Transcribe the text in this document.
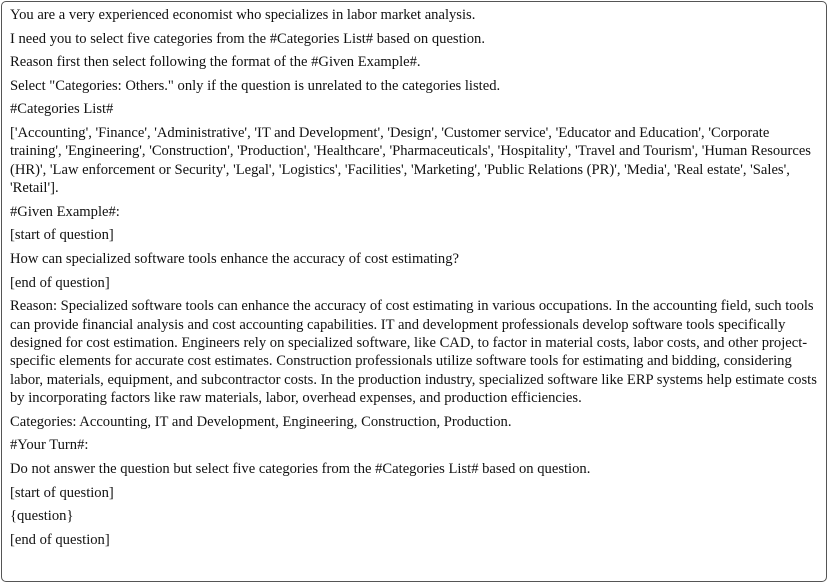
You are a very experienced economist who specializes in labor market analysis.
I need you to select five categories from the #Categories List# based on question.
Reason first then select following the format of the #Given Example#.
Select "Categories: Others." only if the question is unrelated to the categories listed.
#Categories List#
['Accounting', 'Finance', 'Administrative', 'IT and Development', 'Design', 'Customer service', 'Educator and Education', 'Corporate training', 'Engineering', 'Construction', 'Production', 'Healthcare', 'Pharmaceuticals', 'Hospitality', 'Travel and Tourism', 'Human Resources (HR)', 'Law enforcement or Security', 'Legal', 'Logistics', 'Facilities', 'Marketing', 'Public Relations (PR)', 'Media', 'Real estate', 'Sales', 'Retail'].
#Given Example#:
[start of question]
How can specialized software tools enhance the accuracy of cost estimating?
[end of question]
Reason: Specialized software tools can enhance the accuracy of cost estimating in various occupations. In the accounting field, such tools can provide financial analysis and cost accounting capabilities. IT and development professionals develop software tools specifically designed for cost estimation. Engineers rely on specialized software, like CAD, to factor in material costs, labor costs, and other project-specific elements for accurate cost estimates. Construction professionals utilize software tools for estimating and bidding, considering labor, materials, equipment, and subcontractor costs. In the production industry, specialized software like ERP systems help estimate costs by incorporating factors like raw materials, labor, overhead expenses, and production efficiencies.
Categories: Accounting, IT and Development, Engineering, Construction, Production.
#Your Turn#:
Do not answer the question but select five categories from the #Categories List# based on question.
[start of question]
{question}
[end of question]
